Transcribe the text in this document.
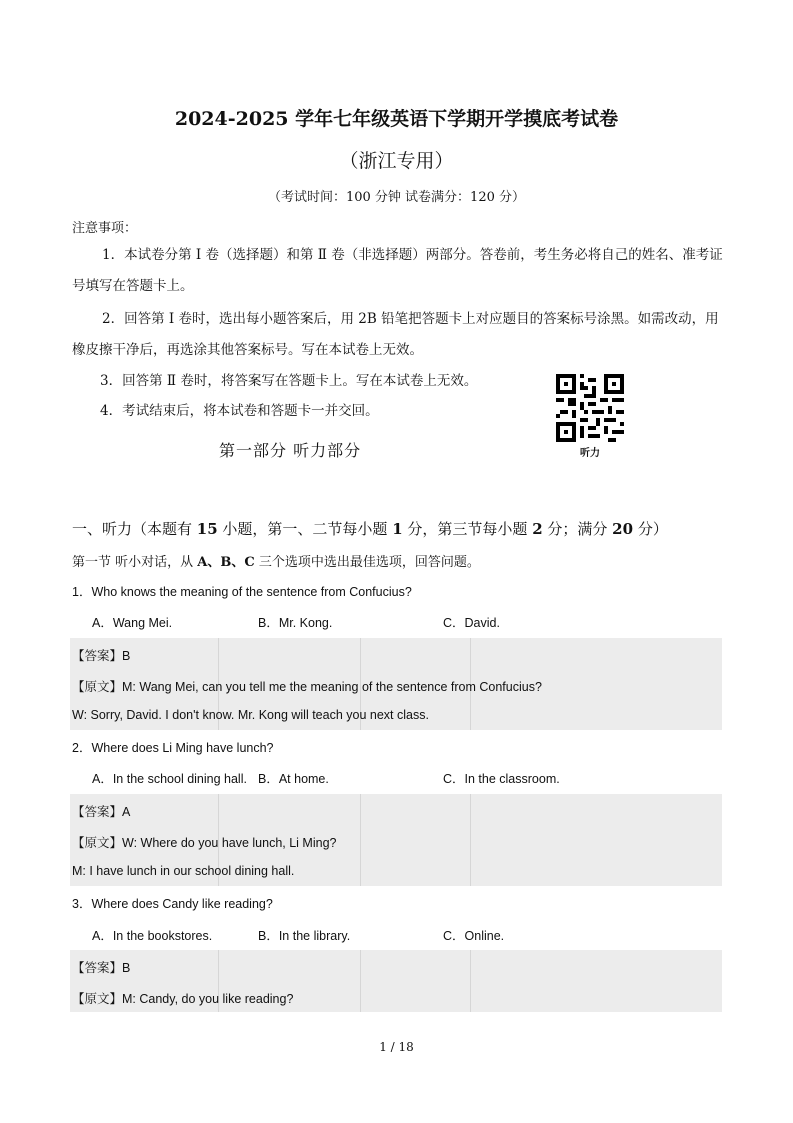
2024-2025 学年七年级英语下学期开学摸底考试卷
（浙江专用）
（考试时间：100 分钟 试卷满分：120 分）
注意事项：
1．本试卷分第 Ⅰ 卷（选择题）和第 Ⅱ 卷（非选择题）两部分。答卷前，考生务必将自己的姓名、准考证号填写在答题卡上。
2．回答第 Ⅰ 卷时，选出每小题答案后，用 2B 铅笔把答题卡上对应题目的答案标号涂黑。如需改动，用橡皮擦干净后，再选涂其他答案标号。写在本试卷上无效。
3．回答第 Ⅱ 卷时，将答案写在答题卡上。写在本试卷上无效。
4．考试结束后，将本试卷和答题卡一并交回。
听力
第一部分 听力部分
一、听力（本题有 15 小题，第一、二节每小题 1 分，第三节每小题 2 分；满分 20 分）
第一节 听小对话，从 A、B、C 三个选项中选出最佳选项，回答问题。
1．Who knows the meaning of the sentence from Confucius?
A．Wang Mei.	B．Mr. Kong.	C．David.
【答案】B
【原文】M: Wang Mei, can you tell me the meaning of the sentence from Confucius?
W: Sorry, David. I don't know. Mr. Kong will teach you next class.
2．Where does Li Ming have lunch?
A．In the school dining hall. B．At home.	C．In the classroom.
【答案】A
【原文】W: Where do you have lunch, Li Ming?
M: I have lunch in our school dining hall.
3．Where does Candy like reading?
A．In the bookstores.	B．In the library.	C．Online.
【答案】B
【原文】M: Candy, do you like reading?
1 / 18
